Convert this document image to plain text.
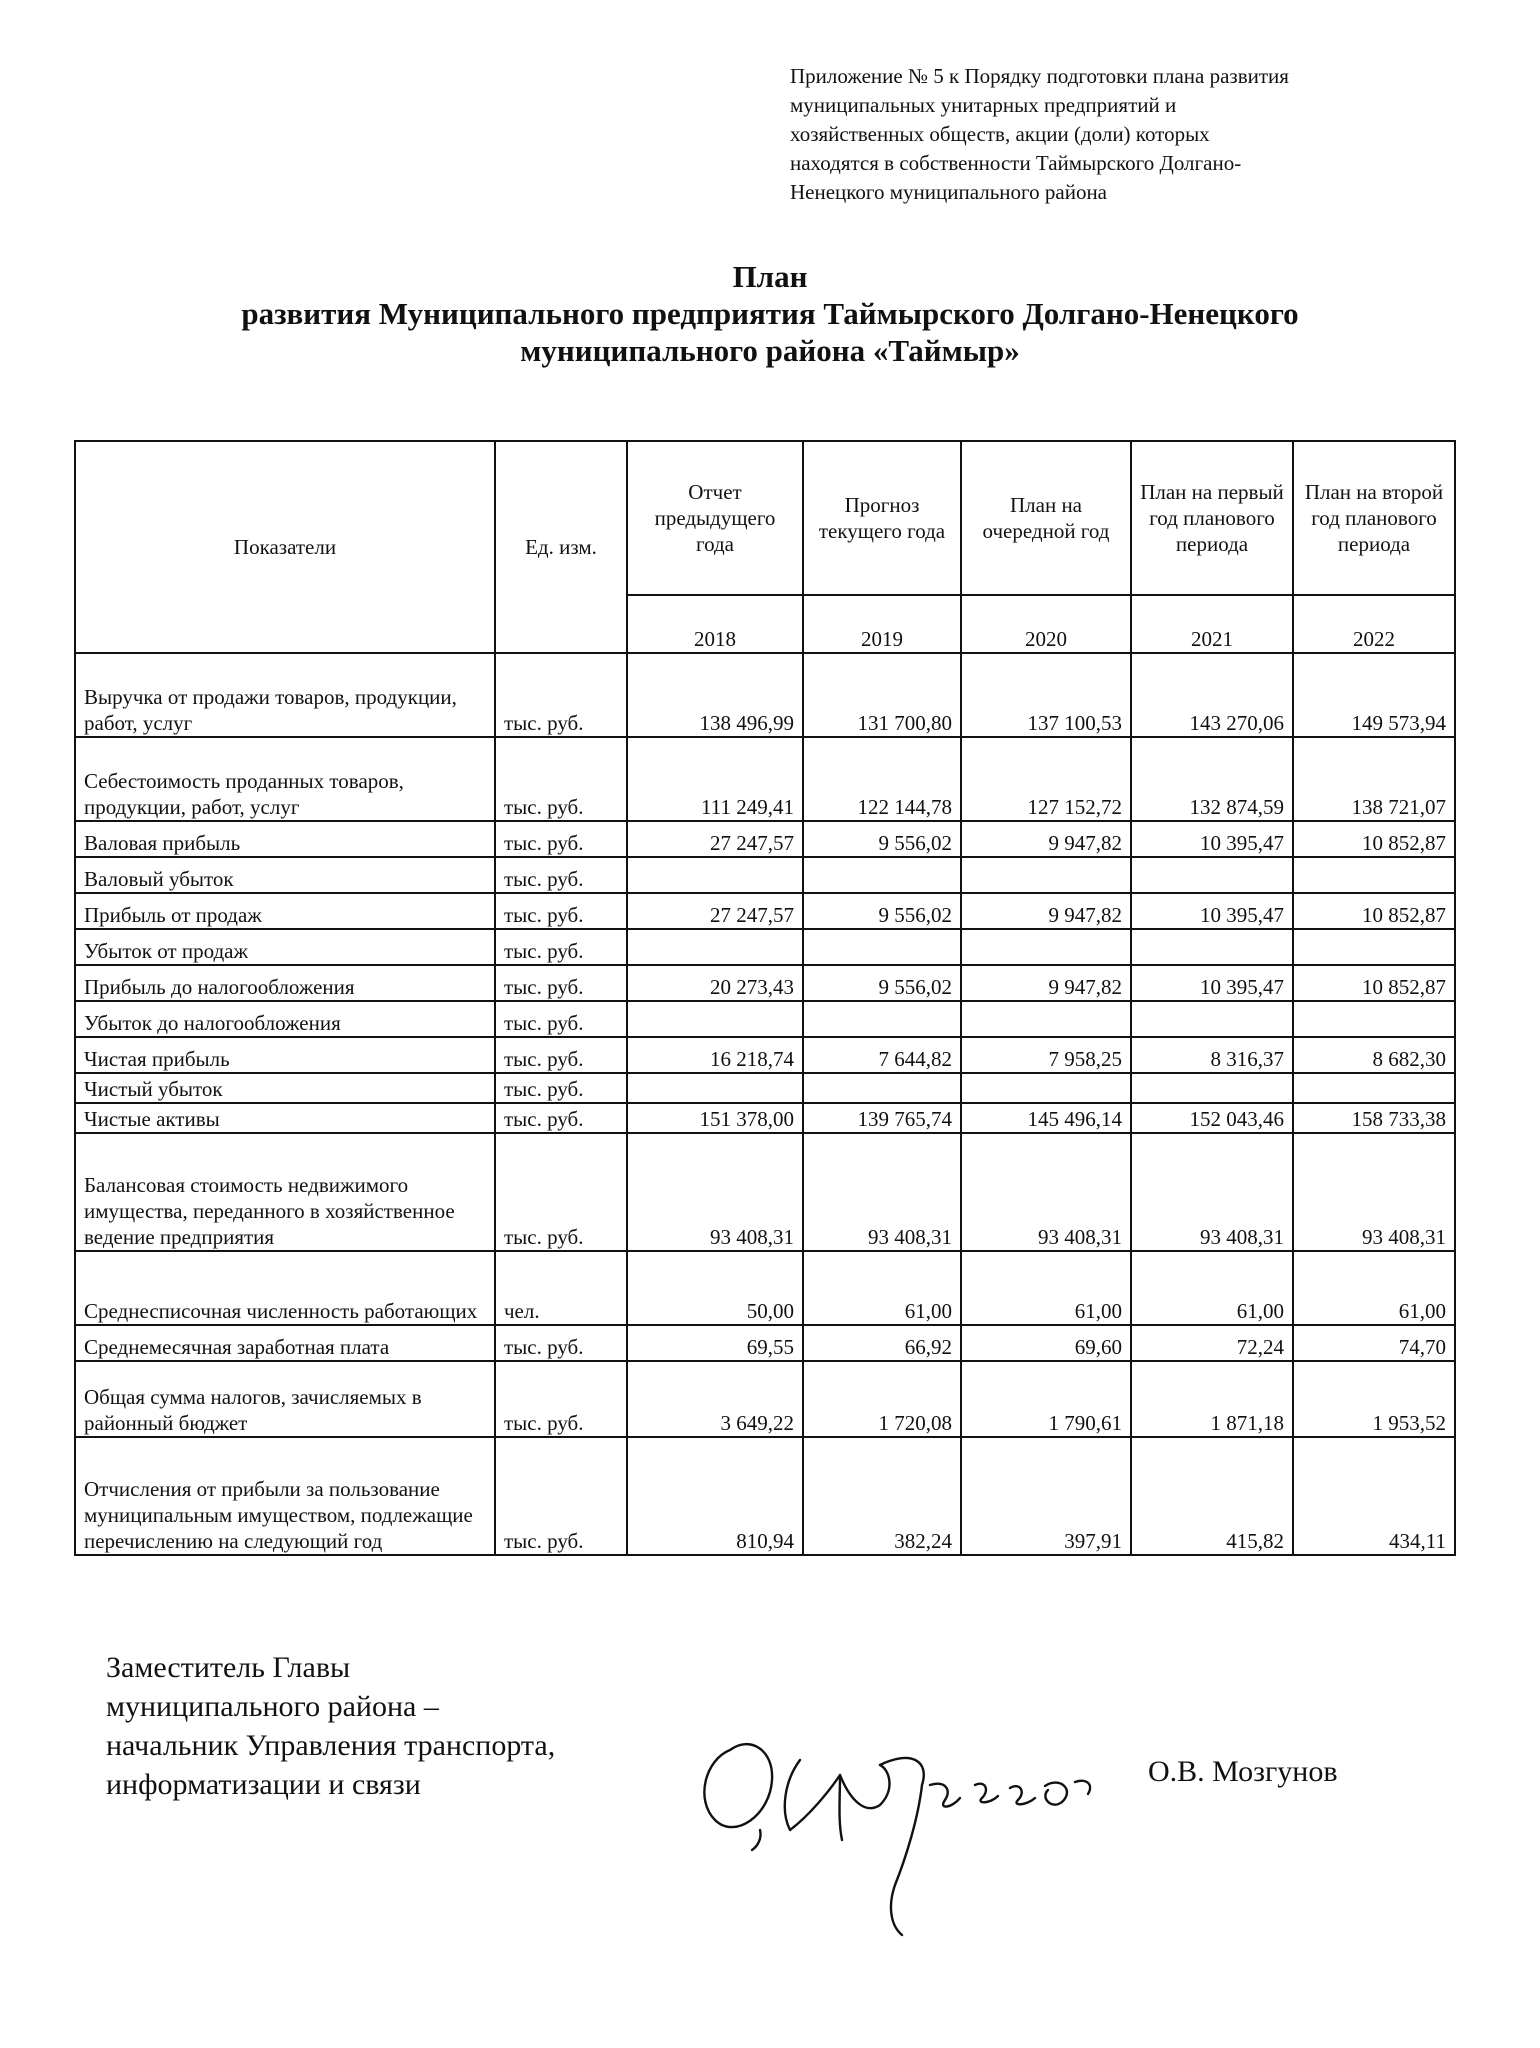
Приложение № 5 к Порядку подготовки плана развития
муниципальных унитарных предприятий и
хозяйственных обществ, акции (доли) которых
находятся в собственности Таймырского Долгано-
Ненецкого муниципального района
План
развития Муниципального предприятия Таймырского Долгано-Ненецкого
муниципального района «Таймыр»
Показатели	Ед. изм.	Отчет предыдущего года	Прогноз текущего года	План на очередной год	План на первый год планового периода	План на второй год планового периода
		2018	2019	2020	2021	2022
Выручка от продажи товаров, продукции, работ, услуг	тыс. руб.	138 496,99	131 700,80	137 100,53	143 270,06	149 573,94
Себестоимость проданных товаров, продукции, работ, услуг	тыс. руб.	111 249,41	122 144,78	127 152,72	132 874,59	138 721,07
Валовая прибыль	тыс. руб.	27 247,57	9 556,02	9 947,82	10 395,47	10 852,87
Валовый убыток	тыс. руб.					
Прибыль от продаж	тыс. руб.	27 247,57	9 556,02	9 947,82	10 395,47	10 852,87
Убыток от продаж	тыс. руб.					
Прибыль до налогообложения	тыс. руб.	20 273,43	9 556,02	9 947,82	10 395,47	10 852,87
Убыток до налогообложения	тыс. руб.					
Чистая прибыль	тыс. руб.	16 218,74	7 644,82	7 958,25	8 316,37	8 682,30
Чистый убыток	тыс. руб.					
Чистые активы	тыс. руб.	151 378,00	139 765,74	145 496,14	152 043,46	158 733,38
Балансовая стоимость недвижимого имущества, переданного в хозяйственное ведение предприятия	тыс. руб.	93 408,31	93 408,31	93 408,31	93 408,31	93 408,31
Среднесписочная численность работающих	чел.	50,00	61,00	61,00	61,00	61,00
Среднемесячная заработная плата	тыс. руб.	69,55	66,92	69,60	72,24	74,70
Общая сумма налогов, зачисляемых в районный бюджет	тыс. руб.	3 649,22	1 720,08	1 790,61	1 871,18	1 953,52
Отчисления от прибыли за пользование муниципальным имуществом, подлежащие перечислению на следующий год	тыс. руб.	810,94	382,24	397,91	415,82	434,11
Заместитель Главы
муниципального района –
начальник Управления транспорта,
информатизации и связи	О.В. Мозгунов
